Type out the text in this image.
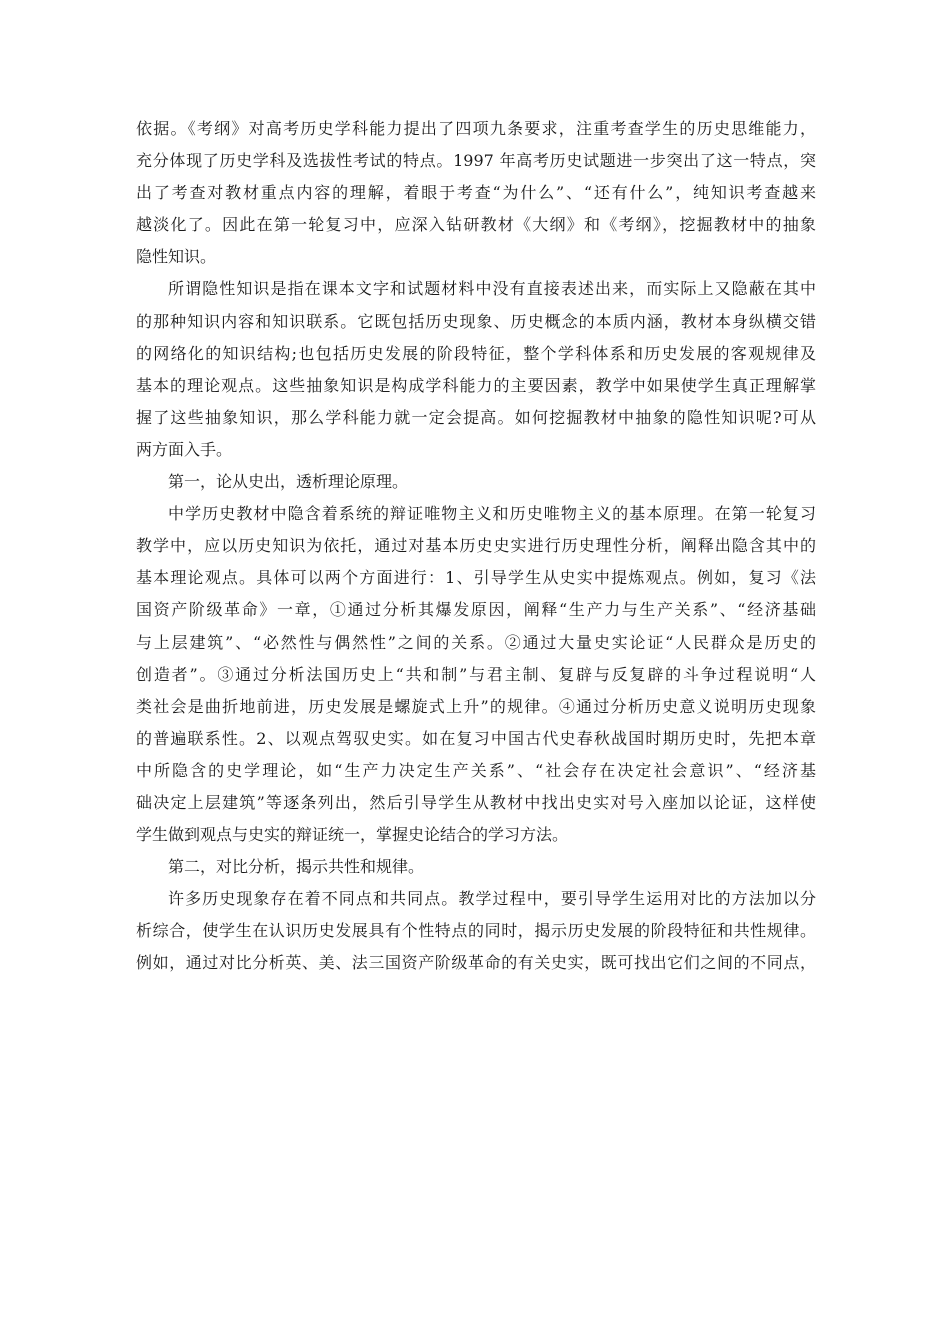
依据。《考纲》对高考历史学科能力提出了四项九条要求，注重考查学生的历史思维能力，
充分体现了历史学科及选拔性考试的特点。1997 年高考历史试题进一步突出了这一特点，突
出了考查对教材重点内容的理解，着眼于考查“为什么”、“还有什么”，纯知识考查越来
越淡化了。因此在第一轮复习中，应深入钻研教材《大纲》和《考纲》，挖掘教材中的抽象
隐性知识。
所谓隐性知识是指在课本文字和试题材料中没有直接表述出来，而实际上又隐蔽在其中
的那种知识内容和知识联系。它既包括历史现象、历史概念的本质内涵，教材本身纵横交错
的网络化的知识结构;也包括历史发展的阶段特征，整个学科体系和历史发展的客观规律及
基本的理论观点。这些抽象知识是构成学科能力的主要因素，教学中如果使学生真正理解掌
握了这些抽象知识，那么学科能力就一定会提高。如何挖掘教材中抽象的隐性知识呢?可从
两方面入手。
第一，论从史出，透析理论原理。
中学历史教材中隐含着系统的辩证唯物主义和历史唯物主义的基本原理。在第一轮复习
教学中，应以历史知识为依托，通过对基本历史史实进行历史理性分析，阐释出隐含其中的
基本理论观点。具体可以两个方面进行：1、引导学生从史实中提炼观点。例如，复习《法
国资产阶级革命》一章，①通过分析其爆发原因，阐释“生产力与生产关系”、“经济基础
与上层建筑”、“必然性与偶然性”之间的关系。②通过大量史实论证“人民群众是历史的
创造者”。③通过分析法国历史上“共和制”与君主制、复辟与反复辟的斗争过程说明“人
类社会是曲折地前进，历史发展是螺旋式上升”的规律。④通过分析历史意义说明历史现象
的普遍联系性。2、以观点驾驭史实。如在复习中国古代史春秋战国时期历史时，先把本章
中所隐含的史学理论，如“生产力决定生产关系”、“社会存在决定社会意识”、“经济基
础决定上层建筑”等逐条列出，然后引导学生从教材中找出史实对号入座加以论证，这样使
学生做到观点与史实的辩证统一，掌握史论结合的学习方法。
第二，对比分析，揭示共性和规律。
许多历史现象存在着不同点和共同点。教学过程中，要引导学生运用对比的方法加以分
析综合，使学生在认识历史发展具有个性特点的同时，揭示历史发展的阶段特征和共性规律。
例如，通过对比分析英、美、法三国资产阶级革命的有关史实，既可找出它们之间的不同点，
